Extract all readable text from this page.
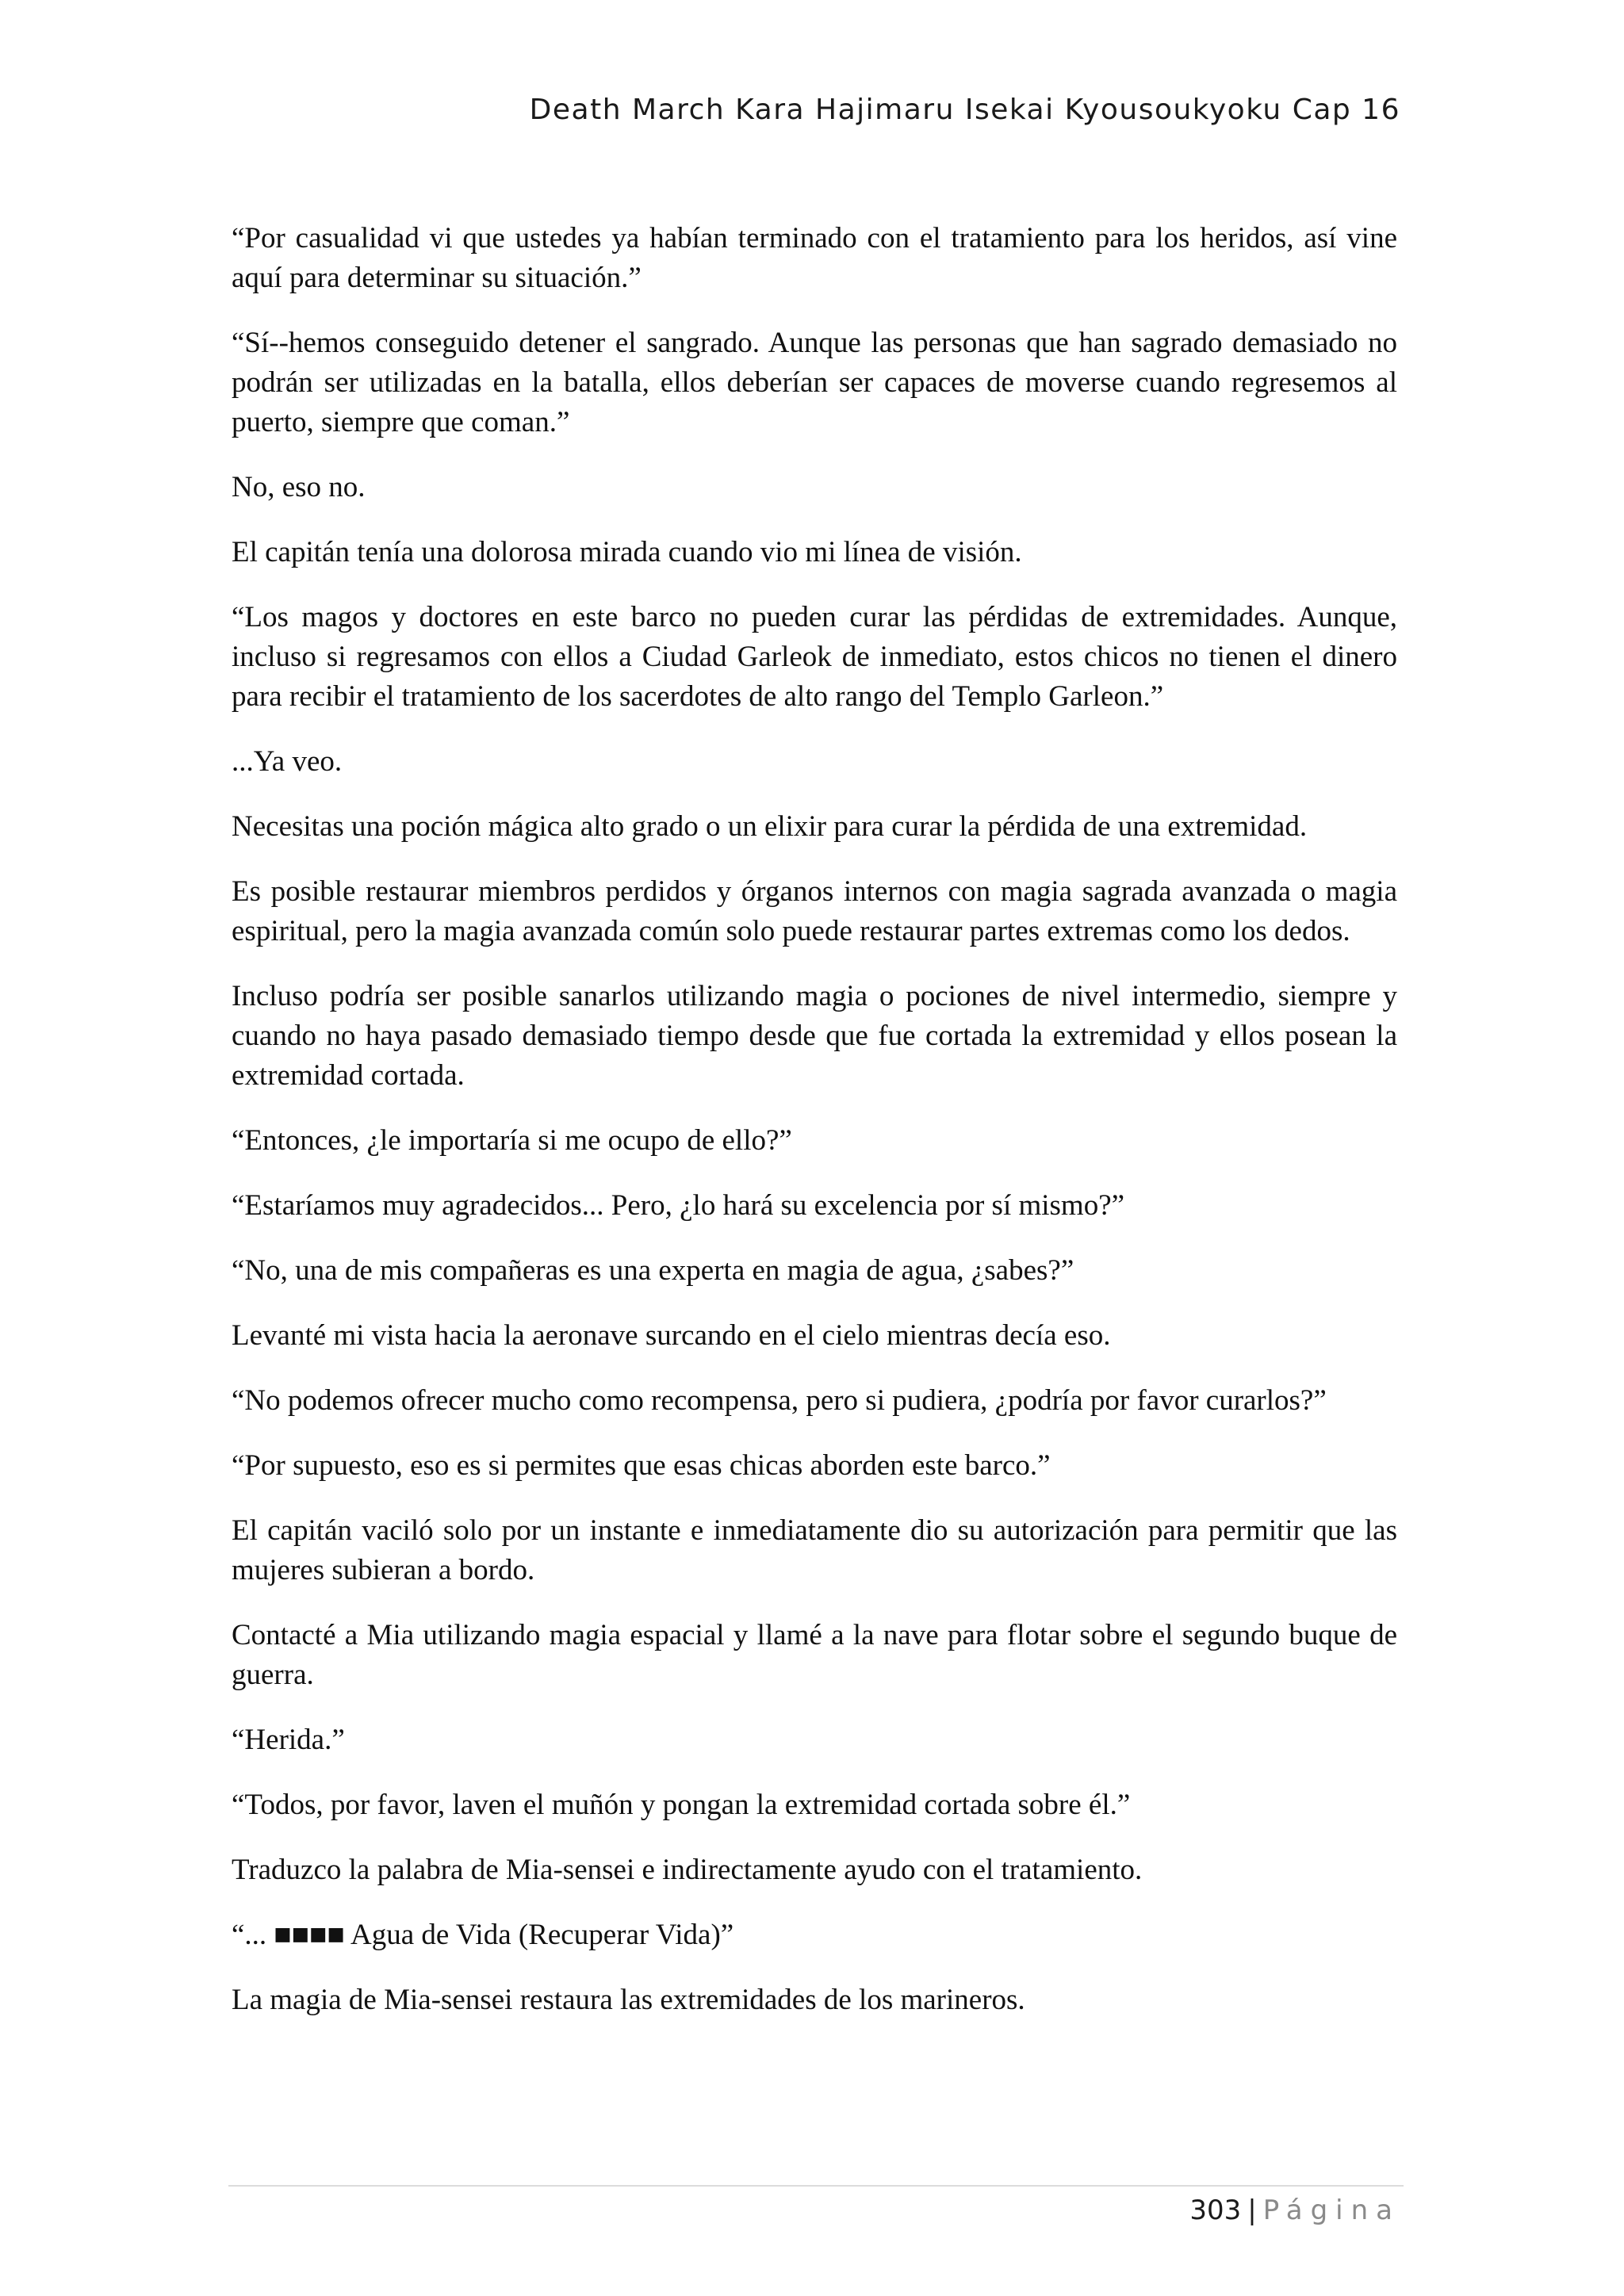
Death March Kara Hajimaru Isekai Kyousoukyoku Cap 16

“Por casualidad vi que ustedes ya habían terminado con el tratamiento para los heridos, así vine aquí para determinar su situación.”

“Sí--hemos conseguido detener el sangrado. Aunque las personas que han sagrado demasiado no podrán ser utilizadas en la batalla, ellos deberían ser capaces de moverse cuando regresemos al puerto, siempre que coman.”

No, eso no.

El capitán tenía una dolorosa mirada cuando vio mi línea de visión.

“Los magos y doctores en este barco no pueden curar las pérdidas de extremidades. Aunque, incluso si regresamos con ellos a Ciudad Garleok de inmediato, estos chicos no tienen el dinero para recibir el tratamiento de los sacerdotes de alto rango del Templo Garleon.”

...Ya veo.

Necesitas una poción mágica alto grado o un elixir para curar la pérdida de una extremidad.

Es posible restaurar miembros perdidos y órganos internos con magia sagrada avanzada o magia espiritual, pero la magia avanzada común solo puede restaurar partes extremas como los dedos.

Incluso podría ser posible sanarlos utilizando magia o pociones de nivel intermedio, siempre y cuando no haya pasado demasiado tiempo desde que fue cortada la extremidad y ellos posean la extremidad cortada.

“Entonces, ¿le importaría si me ocupo de ello?”

“Estaríamos muy agradecidos... Pero, ¿lo hará su excelencia por sí mismo?”

“No, una de mis compañeras es una experta en magia de agua, ¿sabes?”

Levanté mi vista hacia la aeronave surcando en el cielo mientras decía eso.

“No podemos ofrecer mucho como recompensa, pero si pudiera, ¿podría por favor curarlos?”

“Por supuesto, eso es si permites que esas chicas aborden este barco.”

El capitán vaciló solo por un instante e inmediatamente dio su autorización para permitir que las mujeres subieran a bordo.

Contacté a Mia utilizando magia espacial y llamé a la nave para flotar sobre el segundo buque de guerra.

“Herida.”

“Todos, por favor, laven el muñón y pongan la extremidad cortada sobre él.”

Traduzco la palabra de Mia-sensei e indirectamente ayudo con el tratamiento.

“... ■■■■ Agua de Vida (Recuperar Vida)”

La magia de Mia-sensei restaura las extremidades de los marineros.

303 | Página
